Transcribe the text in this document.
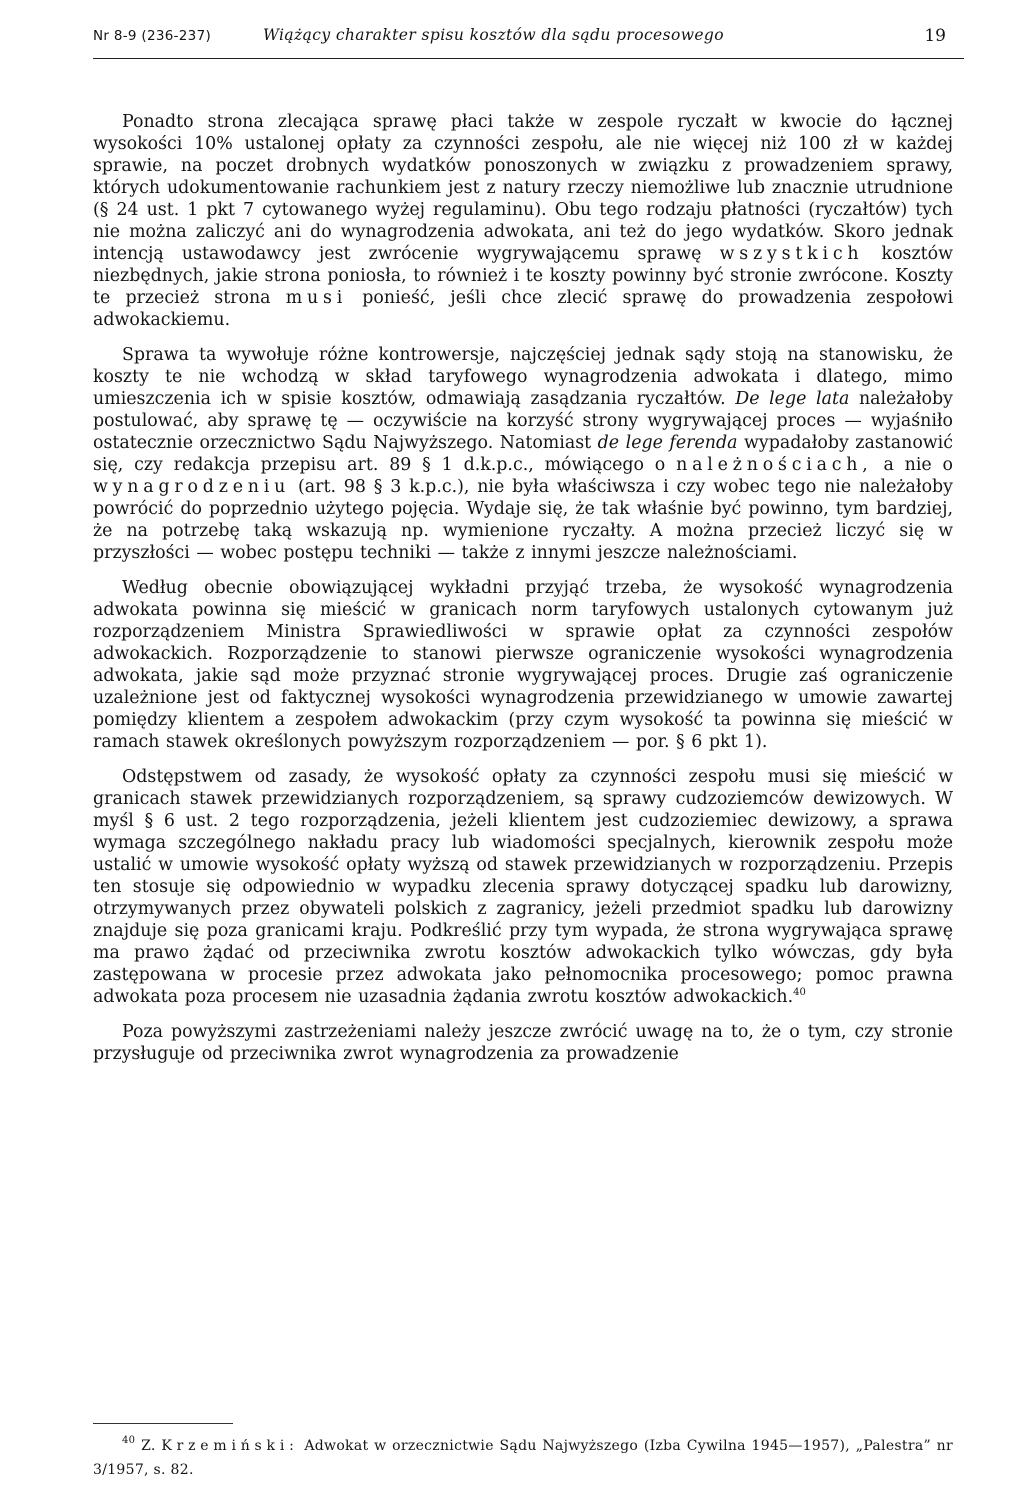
Nr 8-9 (236-237)	Wiążący charakter spisu kosztów dla sądu procesowego	19

Ponadto strona zlecająca sprawę płaci także w zespole ryczałt w kwocie do łącznej wysokości 10% ustalonej opłaty za czynności zespołu, ale nie więcej niż 100 zł w każdej sprawie, na poczet drobnych wydatków ponoszonych w związku z prowadzeniem sprawy, których udokumentowanie rachunkiem jest z natury rzeczy niemożliwe lub znacznie utrudnione (§ 24 ust. 1 pkt 7 cytowanego wyżej regulaminu). Obu tego rodzaju płatności (ryczałtów) tych nie można zaliczyć ani do wynagrodzenia adwokata, ani też do jego wydatków. Skoro jednak intencją ustawodawcy jest zwrócenie wygrywającemu sprawę wszystkich kosztów niezbędnych, jakie strona poniosła, to również i te koszty powinny być stronie zwrócone. Koszty te przecież strona musi ponieść, jeśli chce zlecić sprawę do prowadzenia zespołowi adwokackiemu.

Sprawa ta wywołuje różne kontrowersje, najczęściej jednak sądy stoją na stanowisku, że koszty te nie wchodzą w skład taryfowego wynagrodzenia adwokata i dlatego, mimo umieszczenia ich w spisie kosztów, odmawiają zasądzania ryczałtów. De lege lata należałoby postulować, aby sprawę tę — oczywiście na korzyść strony wygrywającej proces — wyjaśniło ostatecznie orzecznictwo Sądu Najwyższego. Natomiast de lege ferenda wypadałoby zastanowić się, czy redakcja przepisu art. 89 § 1 d.k.p.c., mówiącego o należnościach, a nie o wynagrodzeniu (art. 98 § 3 k.p.c.), nie była właściwsza i czy wobec tego nie należałoby powrócić do poprzednio użytego pojęcia. Wydaje się, że tak właśnie być powinno, tym bardziej, że na potrzebę taką wskazują np. wymienione ryczałty. A można przecież liczyć się w przyszłości — wobec postępu techniki — także z innymi jeszcze należnościami.

Według obecnie obowiązującej wykładni przyjąć trzeba, że wysokość wynagrodzenia adwokata powinna się mieścić w granicach norm taryfowych ustalonych cytowanym już rozporządzeniem Ministra Sprawiedliwości w sprawie opłat za czynności zespołów adwokackich. Rozporządzenie to stanowi pierwsze ograniczenie wysokości wynagrodzenia adwokata, jakie sąd może przyznać stronie wygrywającej proces. Drugie zaś ograniczenie uzależnione jest od faktycznej wysokości wynagrodzenia przewidzianego w umowie zawartej pomiędzy klientem a zespołem adwokackim (przy czym wysokość ta powinna się mieścić w ramach stawek określonych powyższym rozporządzeniem — por. § 6 pkt 1).

Odstępstwem od zasady, że wysokość opłaty za czynności zespołu musi się mieścić w granicach stawek przewidzianych rozporządzeniem, są sprawy cudzoziemców dewizowych. W myśl § 6 ust. 2 tego rozporządzenia, jeżeli klientem jest cudzoziemiec dewizowy, a sprawa wymaga szczególnego nakładu pracy lub wiadomości specjalnych, kierownik zespołu może ustalić w umowie wysokość opłaty wyższą od stawek przewidzianych w rozporządzeniu. Przepis ten stosuje się odpowiednio w wypadku zlecenia sprawy dotyczącej spadku lub darowizny, otrzymywanych przez obywateli polskich z zagranicy, jeżeli przedmiot spadku lub darowizny znajduje się poza granicami kraju. Podkreślić przy tym wypada, że strona wygrywająca sprawę ma prawo żądać od przeciwnika zwrotu kosztów adwokackich tylko wówczas, gdy była zastępowana w procesie przez adwokata jako pełnomocnika procesowego; pomoc prawna adwokata poza procesem nie uzasadnia żądania zwrotu kosztów adwokackich.$^{40}$

Poza powyższymi zastrzeżeniami należy jeszcze zwrócić uwagę na to, że o tym, czy stronie przysługuje od przeciwnika zwrot wynagrodzenia za prowadzenie

$^{40}$ Z. Krzemiński: Adwokat w orzecznictwie Sądu Najwyższego (Izba Cywilna 1945—1957), „Palestra” nr 3/1957, s. 82.
